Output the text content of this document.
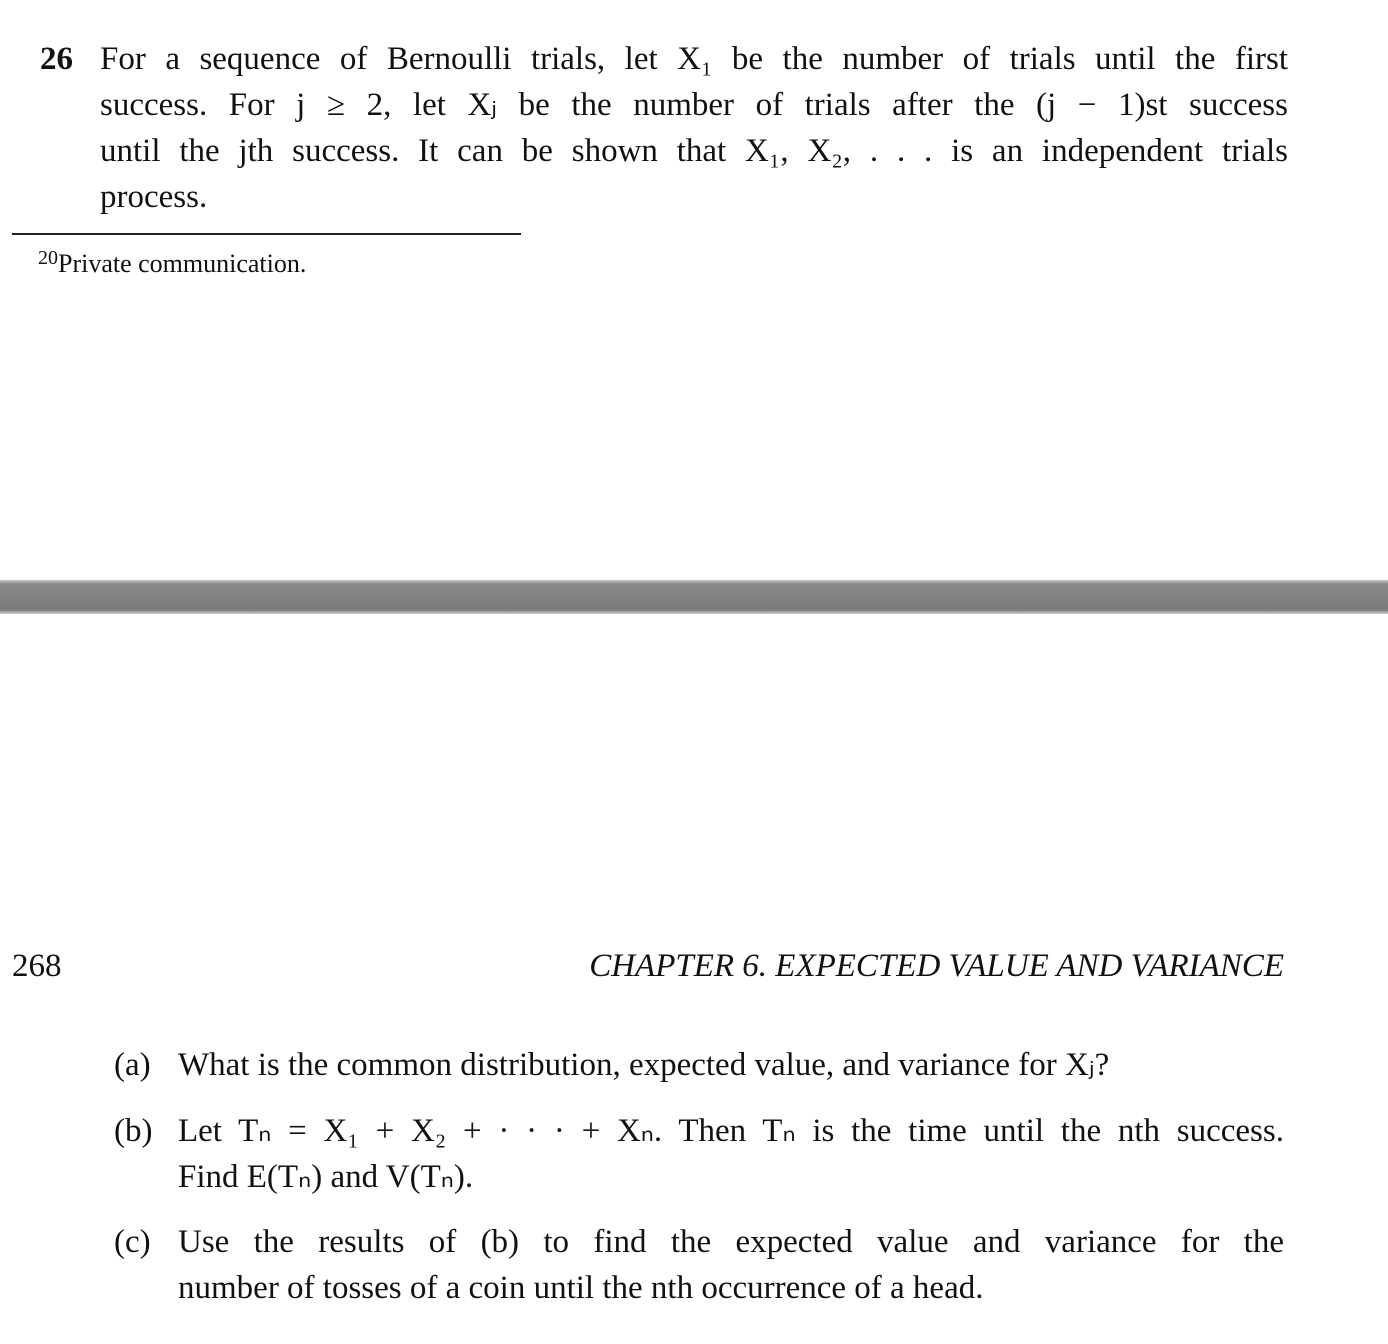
26 For a sequence of Bernoulli trials, let X₁ be the number of trials until the first
success. For j ≥ 2, let Xⱼ be the number of trials after the (j − 1)st success
until the jth success. It can be shown that X₁, X₂, . . . is an independent trials
process.
$^{20}$Private communication.
268	CHAPTER 6. EXPECTED VALUE AND VARIANCE
(a) What is the common distribution, expected value, and variance for Xⱼ?
(b) Let Tₙ = X₁ + X₂ + · · · + Xₙ. Then Tₙ is the time until the nth success.
Find E(Tₙ) and V(Tₙ).
(c) Use the results of (b) to find the expected value and variance for the
number of tosses of a coin until the nth occurrence of a head.
